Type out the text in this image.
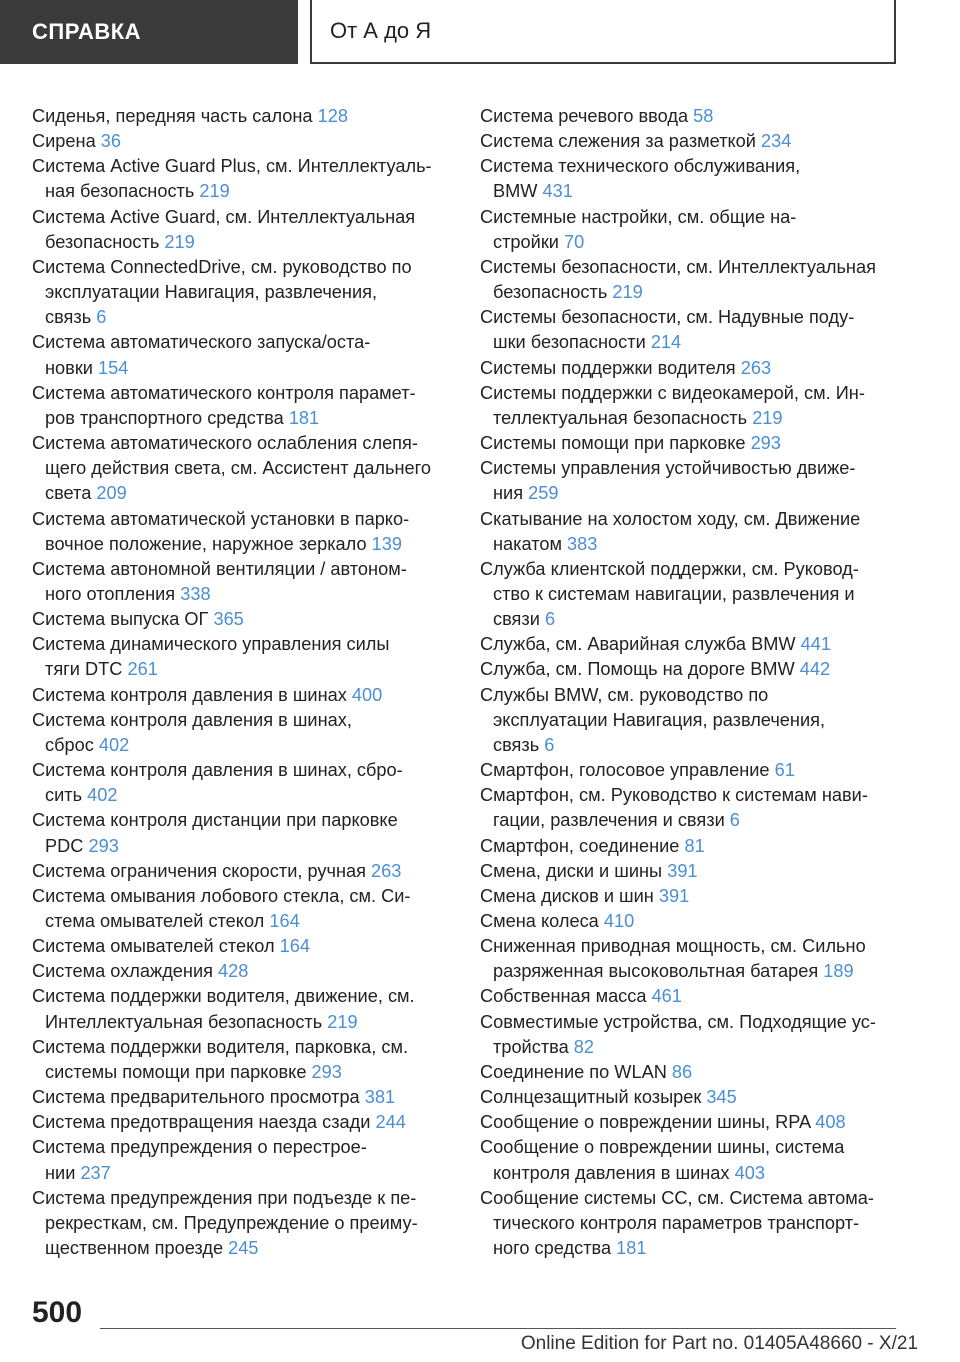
СПРАВКА	От А до Я
Сиденья, передняя часть салона 128
Сирена 36
Система Active Guard Plus, см. Интеллектуаль-
ная безопасность 219
Система Active Guard, см. Интеллектуальная
безопасность 219
Система ConnectedDrive, см. руководство по
эксплуатации Навигация, развлечения,
связь 6
Система автоматического запуска/оста-
новки 154
Система автоматического контроля парамет-
ров транспортного средства 181
Система автоматического ослабления слепя-
щего действия света, см. Ассистент дальнего
света 209
Система автоматической установки в парко-
вочное положение, наружное зеркало 139
Система автономной вентиляции / автоном-
ного отопления 338
Система выпуска ОГ 365
Система динамического управления силы
тяги DTC 261
Система контроля давления в шинах 400
Система контроля давления в шинах,
сброс 402
Система контроля давления в шинах, сбро-
сить 402
Система контроля дистанции при парковке
PDC 293
Система ограничения скорости, ручная 263
Система омывания лобового стекла, см. Си-
стема омывателей стекол 164
Система омывателей стекол 164
Система охлаждения 428
Система поддержки водителя, движение, см.
Интеллектуальная безопасность 219
Система поддержки водителя, парковка, см.
системы помощи при парковке 293
Система предварительного просмотра 381
Система предотвращения наезда сзади 244
Система предупреждения о перестрое-
нии 237
Система предупреждения при подъезде к пе-
рекресткам, см. Предупреждение о преиму-
щественном проезде 245
Система речевого ввода 58
Система слежения за разметкой 234
Система технического обслуживания,
BMW 431
Системные настройки, см. общие на-
стройки 70
Системы безопасности, см. Интеллектуальная
безопасность 219
Системы безопасности, см. Надувные поду-
шки безопасности 214
Системы поддержки водителя 263
Системы поддержки с видеокамерой, см. Ин-
теллектуальная безопасность 219
Системы помощи при парковке 293
Системы управления устойчивостью движе-
ния 259
Скатывание на холостом ходу, см. Движение
накатом 383
Служба клиентской поддержки, см. Руковод-
ство к системам навигации, развлечения и
связи 6
Служба, см. Аварийная служба BMW 441
Служба, см. Помощь на дороге BMW 442
Службы BMW, см. руководство по
эксплуатации Навигация, развлечения,
связь 6
Смартфон, голосовое управление 61
Смартфон, см. Руководство к системам нави-
гации, развлечения и связи 6
Смартфон, соединение 81
Смена, диски и шины 391
Смена дисков и шин 391
Смена колеса 410
Сниженная приводная мощность, см. Сильно
разряженная высоковольтная батарея 189
Собственная масса 461
Совместимые устройства, см. Подходящие ус-
тройства 82
Соединение по WLAN 86
Солнцезащитный козырек 345
Сообщение о повреждении шины, RPA 408
Сообщение о повреждении шины, система
контроля давления в шинах 403
Сообщение системы СС, см. Система автома-
тического контроля параметров транспорт-
ного средства 181
500
Online Edition for Part no. 01405A48660 - X/21
